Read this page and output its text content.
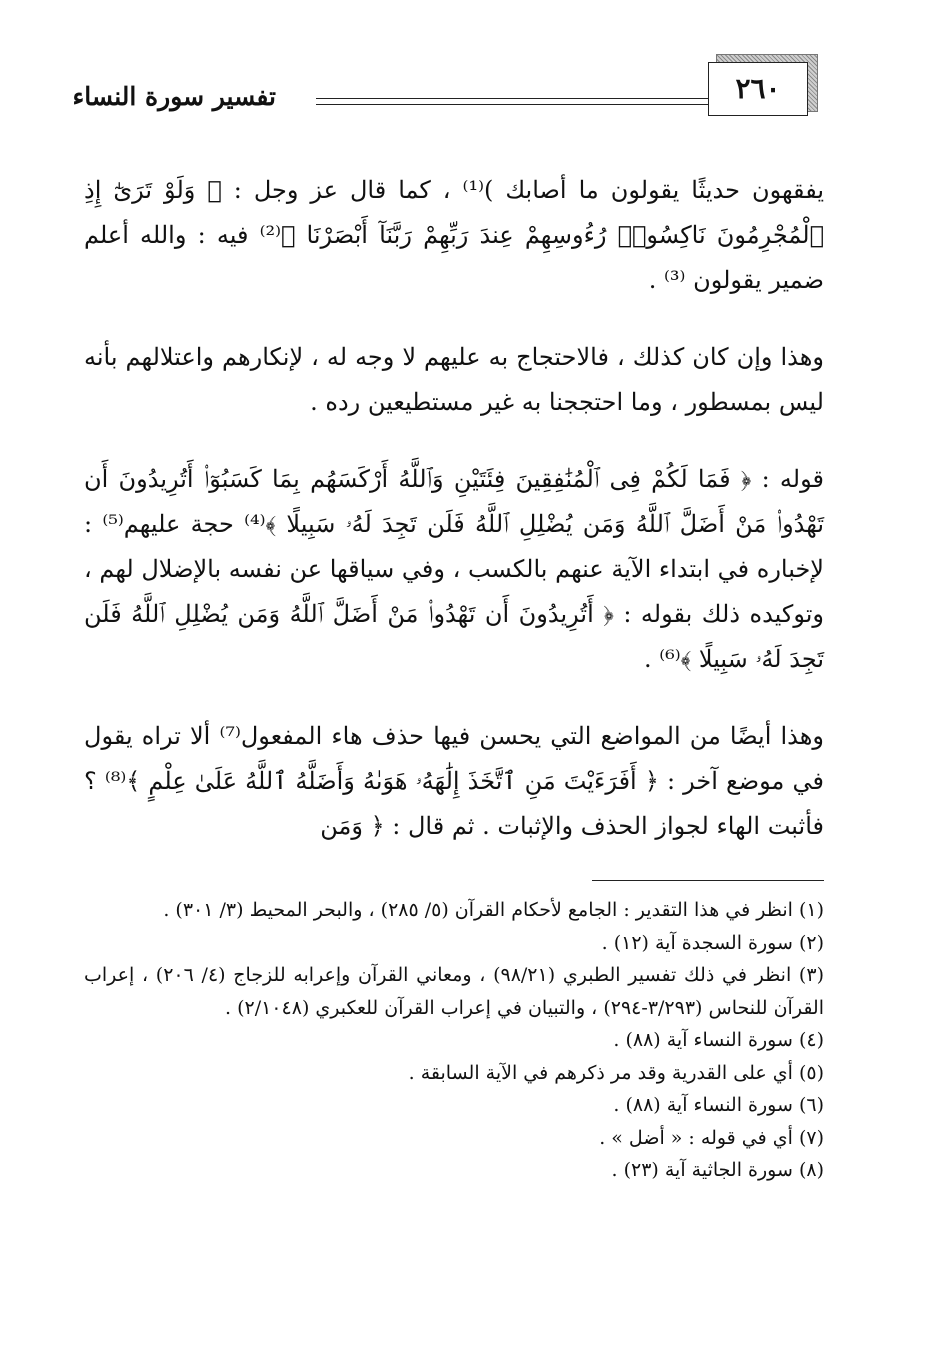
تفسير سورة النساء	٢٦٠

يفقهون حديثًا يقولون ما أصابك )⁽¹⁾ ، كما قال عز وجل : ﴿ وَلَوْ تَرَىٰٓ إِذِ ٱلْمُجْرِمُونَ نَاكِسُوا۟ رُءُوسِهِمْ عِندَ رَبِّهِمْ رَبَّنَآ أَبْصَرْنَا ﴾⁽²⁾ فيه : والله أعلم ضمير يقولون ⁽³⁾ .

وهذا وإن كان كذلك ، فالاحتجاج به عليهم لا وجه له ، لإنكارهم واعتلالهم بأنه ليس بمسطور ، وما احتججنا به غير مستطيعين رده .

قوله : ﴿ فَمَا لَكُمْ فِى ٱلْمُنَٰفِقِينَ فِئَتَيْنِ وَٱللَّهُ أَرْكَسَهُم بِمَا كَسَبُوٓا۟ أَتُرِيدُونَ أَن تَهْدُوا۟ مَنْ أَضَلَّ ٱللَّهُ وَمَن يُضْلِلِ ٱللَّهُ فَلَن تَجِدَ لَهُۥ سَبِيلًا ﴾⁽⁴⁾ حجة عليهم⁽⁵⁾ : لإخباره في ابتداء الآية عنهم بالكسب ، وفي سياقها عن نفسه بالإضلال لهم ، وتوكيده ذلك بقوله : ﴿ أَتُرِيدُونَ أَن تَهْدُوا۟ مَنْ أَضَلَّ ٱللَّهُ وَمَن يُضْلِلِ ٱللَّهُ فَلَن تَجِدَ لَهُۥ سَبِيلًا ﴾⁽⁶⁾ .

وهذا أيضًا من المواضع التي يحسن فيها حذف هاء المفعول⁽⁷⁾ ألا تراه يقول في موضع آخر : ﴿ أَفَرَءَيْتَ مَنِ ٱتَّخَذَ إِلَٰهَهُۥ هَوَىٰهُ وَأَضَلَّهُ ٱللَّهُ عَلَىٰ عِلْمٍ ﴾⁽⁸⁾ ؟ فأثبت الهاء لجواز الحذف والإثبات . ثم قال : ﴿ وَمَن

(١) انظر في هذا التقدير : الجامع لأحكام القرآن (٥/ ٢٨٥) ، والبحر المحيط (٣/ ٣٠١) .

(٢) سورة السجدة آية (١٢) .

(٣) انظر في ذلك تفسير الطبري (٩٨/٢١) ، ومعاني القرآن وإعرابه للزجاج (٤/ ٢٠٦) ، إعراب القرآن للنحاس (٣/٢٩٣-٢٩٤) ، والتبيان في إعراب القرآن للعكبري (٢/١٠٤٨) .

(٤) سورة النساء آية (٨٨) .

(٥) أي على القدرية وقد مر ذكرهم في الآية السابقة .

(٦) سورة النساء آية (٨٨) .

(٧) أي في قوله : « أضل » .

(٨) سورة الجاثية آية (٢٣) .
